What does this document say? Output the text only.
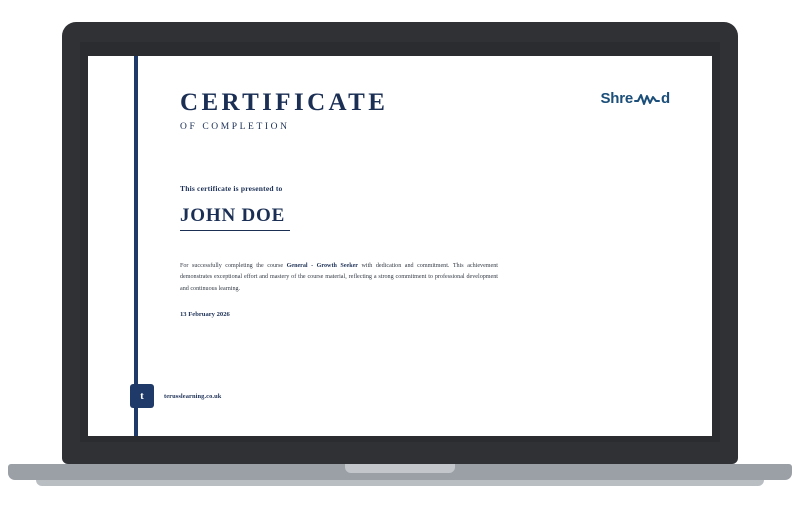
CERTIFICATE
OF COMPLETION
Shre d
This certificate is presented to
JOHN DOE
For successfully completing the course General - Growth Seeker with dedication and commitment. This achievement demonstrates exceptional effort and mastery of the course material, reflecting a strong commitment to professional development and continuous learning.
13 February 2026
t	terusslearning.co.uk
